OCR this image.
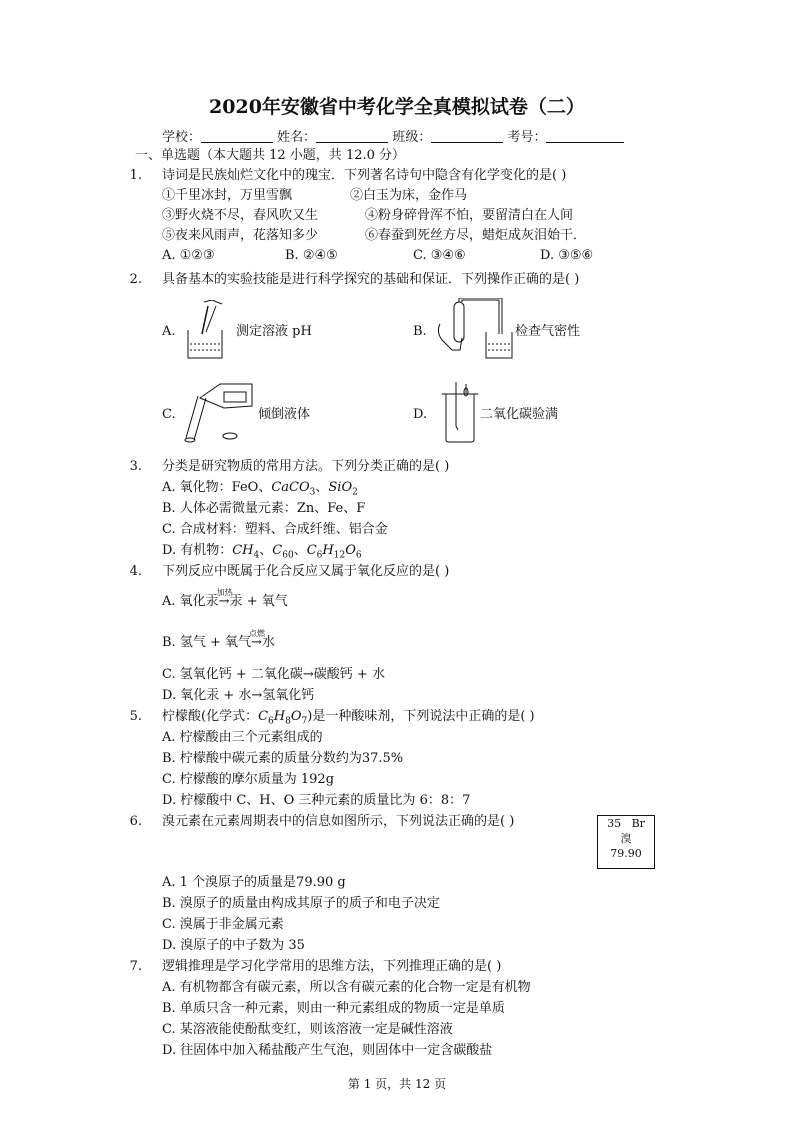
2020年安徽省中考化学全真模拟试卷（二）
学校：	姓名：	班级：	考号：
一、单选题（本大题共 12 小题，共 12.0 分）
1. 诗词是民族灿烂文化中的瑰宝．下列著名诗句中隐含有化学变化的是( )
①千里冰封，万里雪飘	②白玉为床，金作马
③野火烧不尽，春风吹又生	④粉身碎骨浑不怕，要留清白在人间
⑤夜来风雨声，花落知多少	⑥春蚕到死丝方尽，蜡炬成灰泪始干．
A. ①②③	B. ②④⑤	C. ③④⑥	D. ③⑤⑥
2. 具备基本的实验技能是进行科学探究的基础和保证．下列操作正确的是( )
A.	测定溶液 pH	B.	检查气密性
C.	倾倒液体	D.	二氧化碳验满
3. 分类是研究物质的常用方法。下列分类正确的是( )
A. 氧化物：FeO、CaCO$_3$、SiO$_2$
B. 人体必需微量元素：Zn、Fe、F
C. 合成材料：塑料、合成纤维、铝合金
D. 有机物：$CH_4$、$C_{60}$、$C_6H_{12}O_6$
4. 下列反应中既属于化合反应又属于氧化反应的是( )
A. 氧化汞
加热
→汞 + 氧气
B. 氢气 + 氧气
点燃
→水
C. 氢氧化钙 + 二氧化碳→碳酸钙 + 水
D. 氧化汞 + 水→氢氧化钙
5. 柠檬酸(化学式：$C_6H_8O_7$)是一种酸味剂，下列说法中正确的是( )
A. 柠檬酸由三个元素组成的
B. 柠檬酸中碳元素的质量分数约为37.5%
C. 柠檬酸的摩尔质量为 192g
D. 柠檬酸中 C、H、O 三种元素的质量比为 6：8：7
6. 溴元素在元素周期表中的信息如图所示，下列说法正确的是( )	35 Br
溴
79.90
A. 1 个溴原子的质量是79.90 g
B. 溴原子的质量由构成其原子的质子和电子决定
C. 溴属于非金属元素
D. 溴原子的中子数为 35
7. 逻辑推理是学习化学常用的思维方法，下列推理正确的是( )
A. 有机物都含有碳元素，所以含有碳元素的化合物一定是有机物
B. 单质只含一种元素，则由一种元素组成的物质一定是单质
C. 某溶液能使酚酞变红，则该溶液一定是碱性溶液
D. 往固体中加入稀盐酸产生气泡，则固体中一定含碳酸盐
第 1 页，共 12 页
